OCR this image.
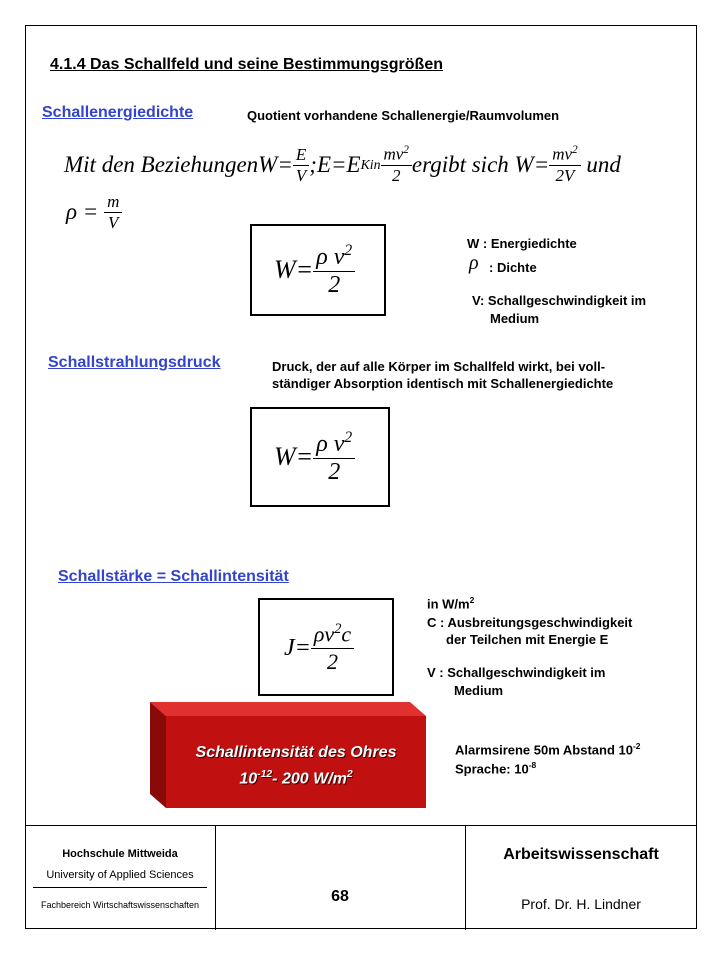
4.1.4 Das Schallfeld und seine Bestimmungsgrößen
Schallenergiedichte	Quotient vorhandene Schallenergie/Raumvolumen
Mit den Beziehungen $W = \frac{E}{V}$ ; E = E Kin $\frac{mv^2}{2}$ ergibt sich
$W = \frac{mv^2}{2V}$
und
$\rho = \frac{m}{V}$
$W = \frac{\rho v^2}{2}$	W : Energiedichte
ρ : Dichte
V: Schallgeschwindigkeit im
Medium
Schallstrahlungsdruck	Druck, der auf alle Körper im Schallfeld wirkt, bei voll-
ständiger Absorption identisch mit Schallenergiedichte
$W = \frac{\rho v^2}{2}$
Schallstärke = Schallintensität
$J = \frac{\rho v^2c}{2}$
in $W/m^2$
C : Ausbreitungsgeschwindigkeit
der Teilchen mit Energie E
V : Schallgeschwindigkeit im
Medium
Schallintensität des Ohres
$10^{-12}-$ 200 $W/m^2$
Alarmsirene 50m Abstand $10^{-2}$
Sprache: $10^{-8}$
Hochschule Mittweida
University of Applied Sciences
Fachbereich Wirtschaftswissenschaften	68
Arbeitswissenschaft
Prof. Dr. H. Lindner
